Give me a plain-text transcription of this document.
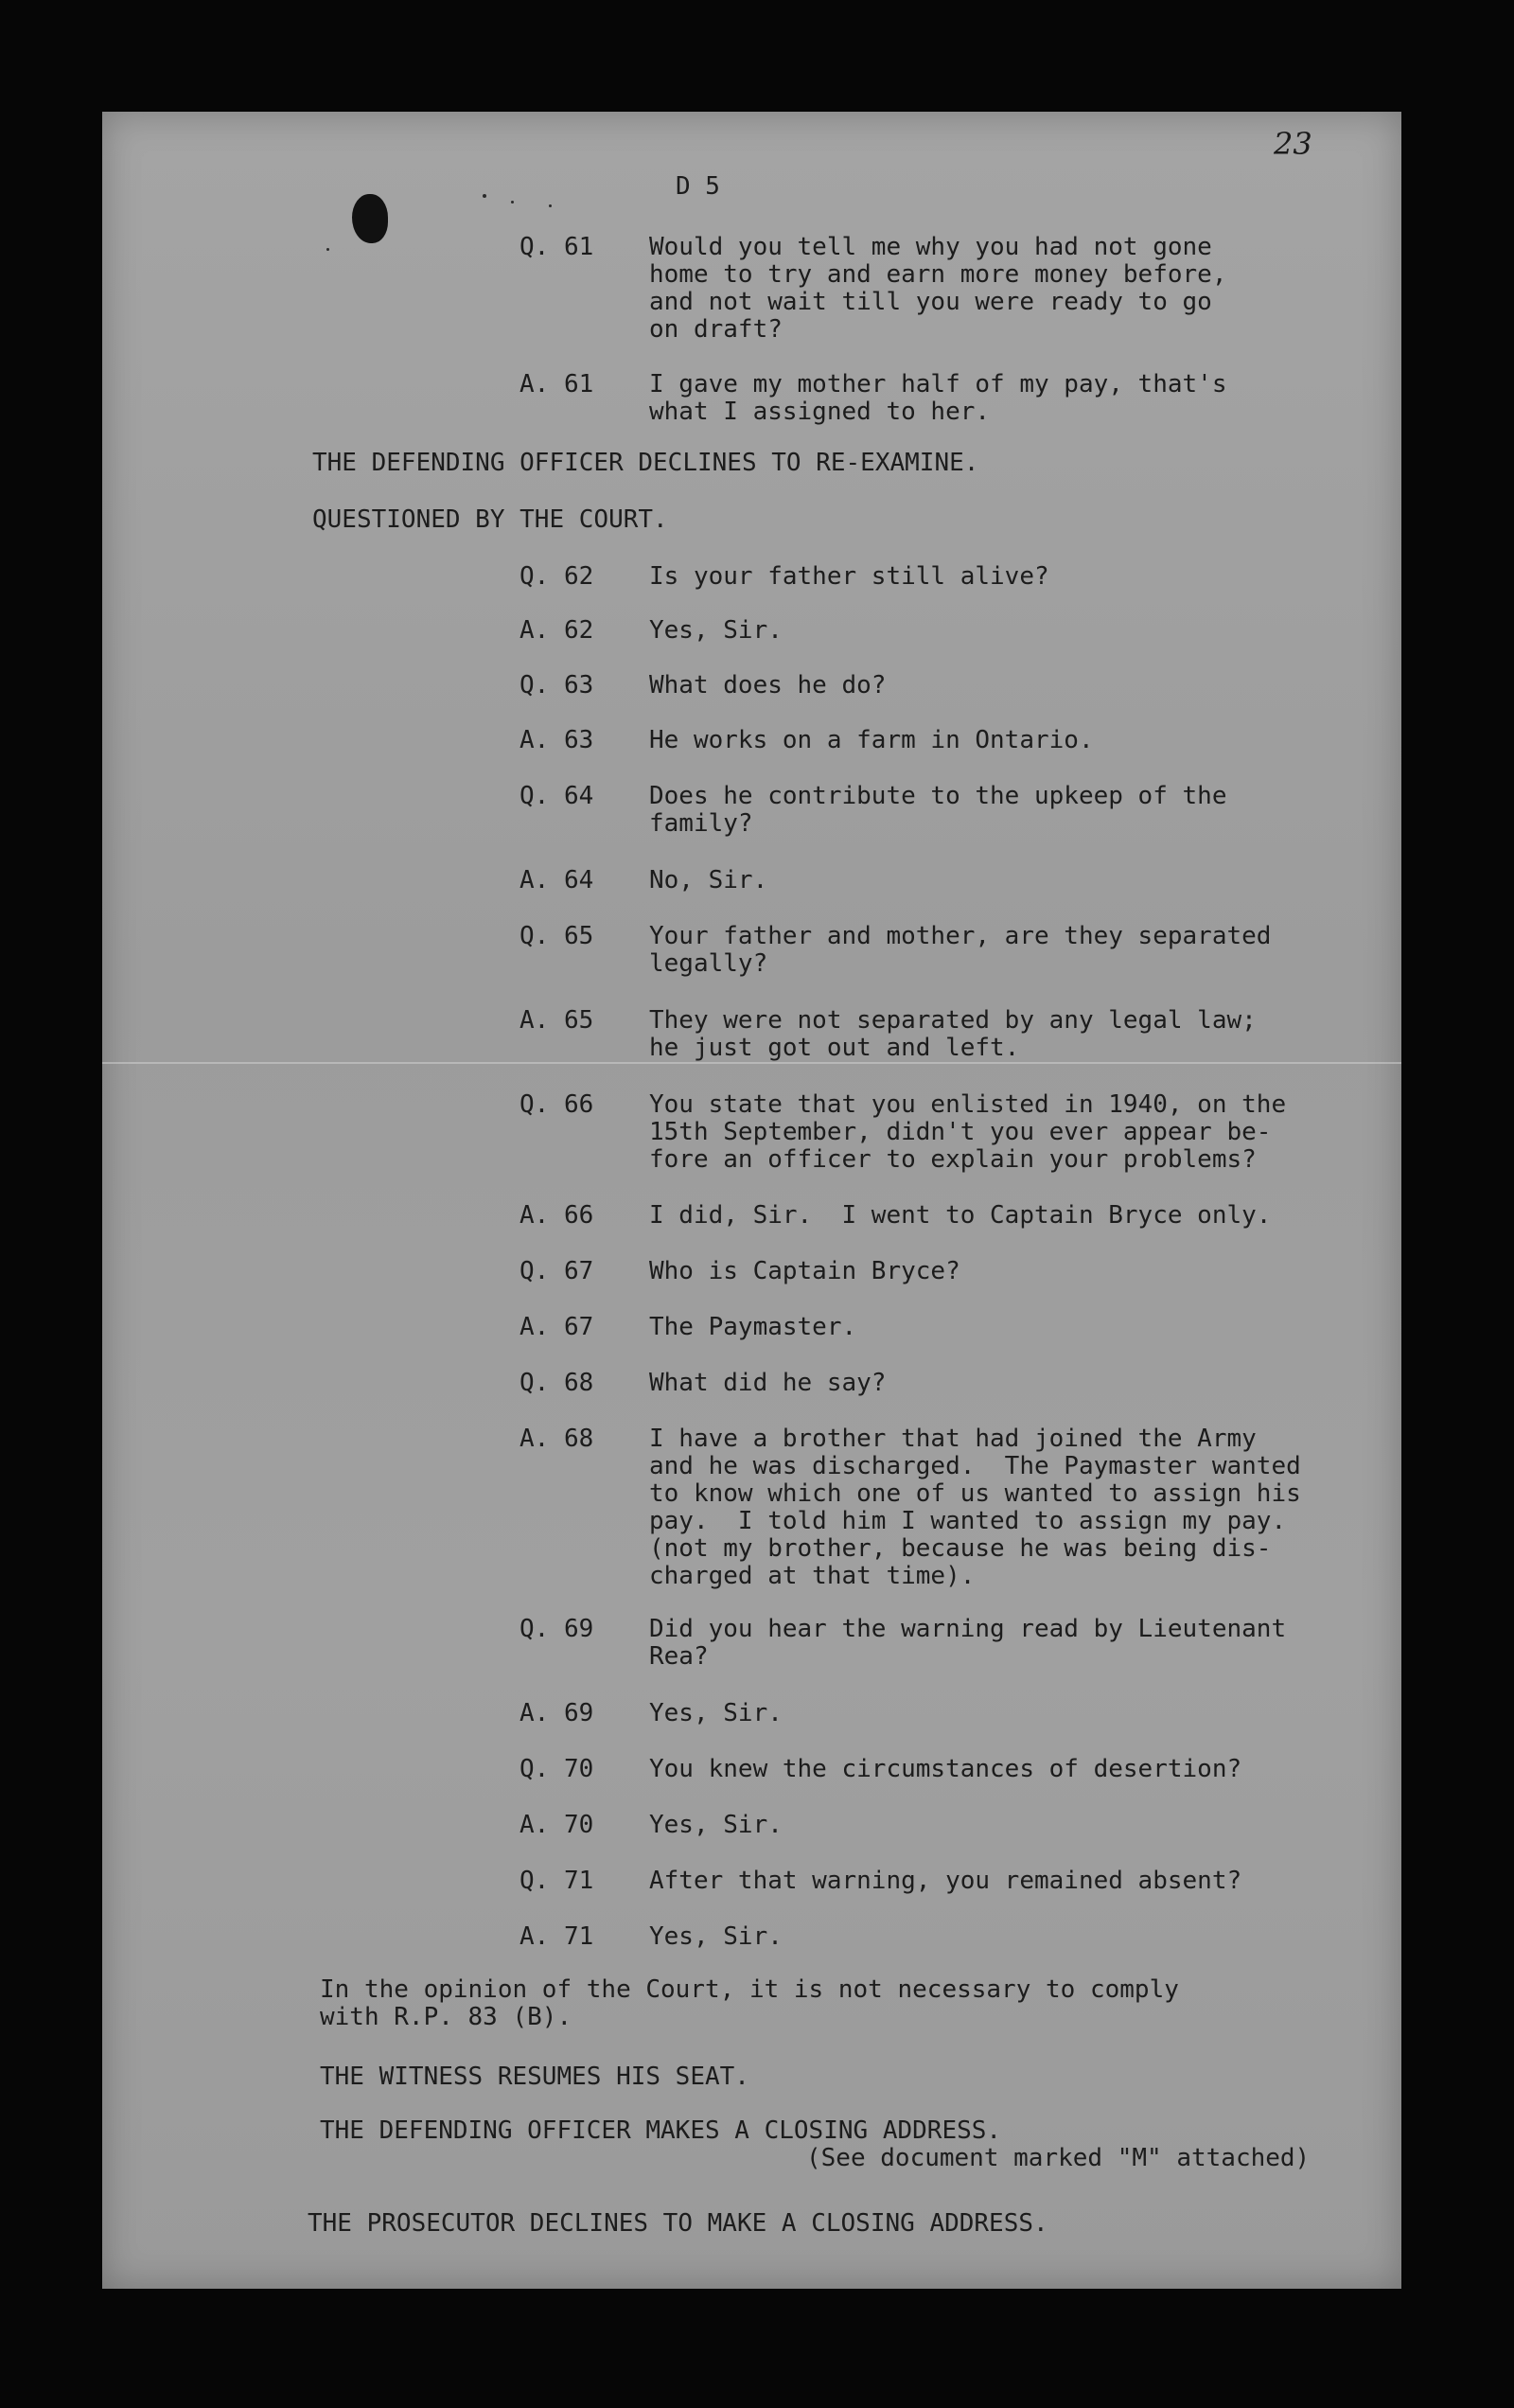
23
D 5
Q. 61 Would you tell me why you had not gone
home to try and earn more money before,
and not wait till you were ready to go
on draft?
A. 61 I gave my mother half of my pay, that's
what I assigned to her.
Q. 62 Is your father still alive?
A. 62 Yes, Sir.
Q. 63 What does he do?
A. 63 He works on a farm in Ontario.
Q. 64 Does he contribute to the upkeep of the
family?
A. 64 No, Sir.
Q. 65 Your father and mother, are they separated
legally?
A. 65 They were not separated by any legal law;
he just got out and left.
Q. 66 You state that you enlisted in 1940, on the
15th September, didn't you ever appear be-
fore an officer to explain your problems?
A. 66 I did, Sir.  I went to Captain Bryce only.
Q. 67 Who is Captain Bryce?
A. 67 The Paymaster.
Q. 68 What did he say?
A. 68 I have a brother that had joined the Army
and he was discharged.  The Paymaster wanted
to know which one of us wanted to assign his
pay.  I told him I wanted to assign my pay.
(not my brother, because he was being dis-
charged at that time).
Q. 69 Did you hear the warning read by Lieutenant
Rea?
A. 69 Yes, Sir.
Q. 70 You knew the circumstances of desertion?
A. 70 Yes, Sir.
Q. 71 After that warning, you remained absent?
A. 71 Yes, Sir.
THE DEFENDING OFFICER DECLINES TO RE-EXAMINE.
QUESTIONED BY THE COURT.
In the opinion of the Court, it is not necessary to comply
with R.P. 83 (B).
THE WITNESS RESUMES HIS SEAT.
THE DEFENDING OFFICER MAKES A CLOSING ADDRESS.
(See document marked "M" attached)
THE PROSECUTOR DECLINES TO MAKE A CLOSING ADDRESS.
